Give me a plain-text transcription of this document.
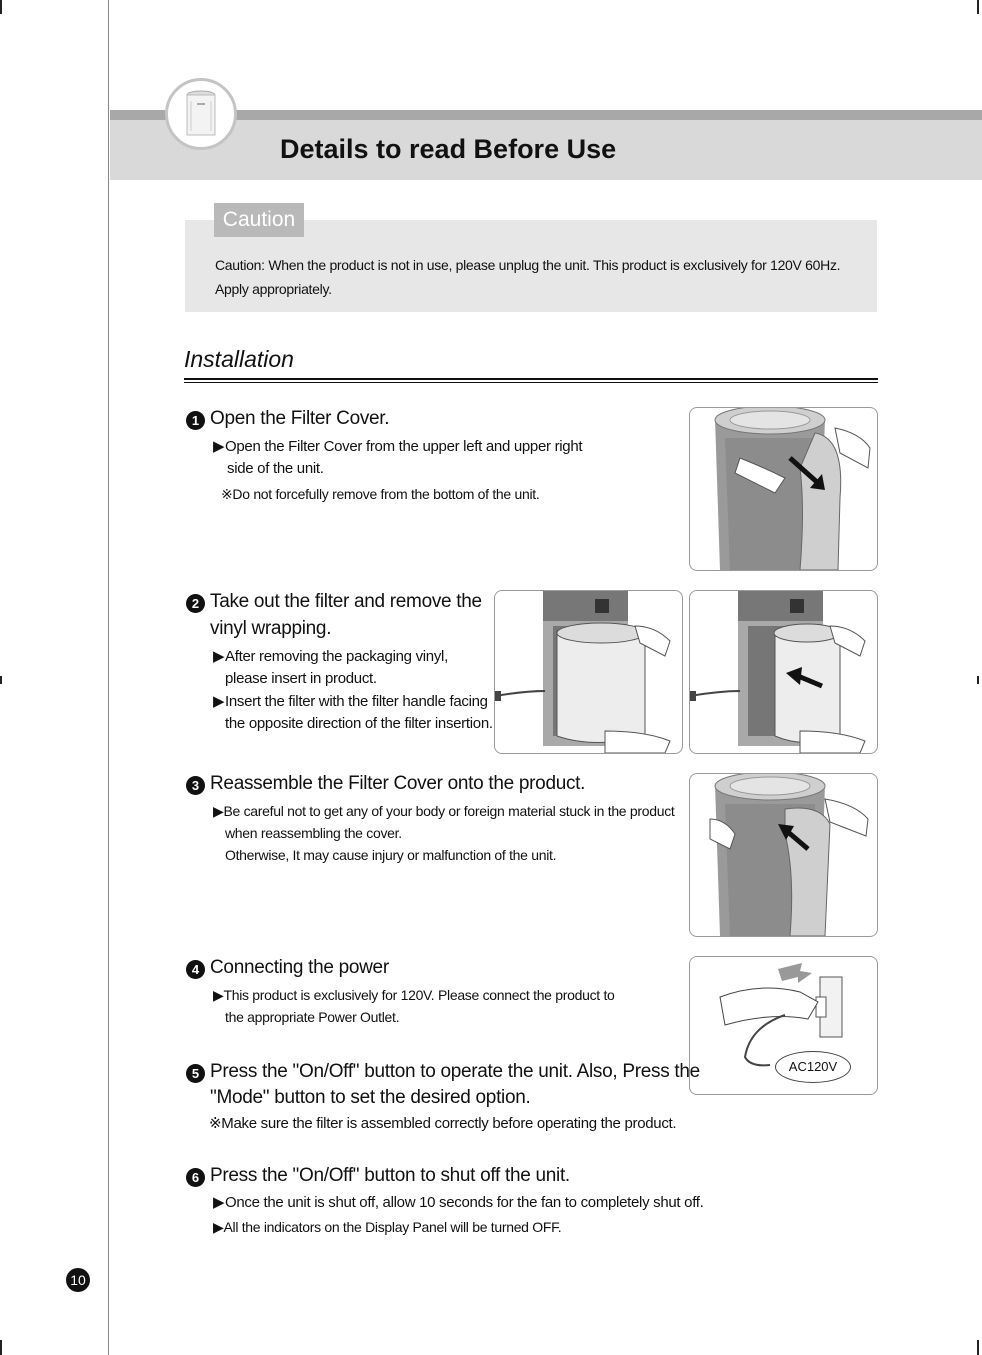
Details to read Before Use
Caution
Caution: When the product is not in use, please unplug the unit. This product is exclusively for 120V 60Hz.
Apply appropriately.
Installation
1 Open the Filter Cover.
▶Open the Filter Cover from the upper left and upper right
side of the unit.
※Do not forcefully remove from the bottom of the unit.
2 Take out the filter and remove the
vinyl wrapping.
▶After removing the packaging vinyl,
please insert in product.
▶Insert the filter with the filter handle facing
the opposite direction of the filter insertion.
3 Reassemble the Filter Cover onto the product.
▶Be careful not to get any of your body or foreign material stuck in the product
when reassembling the cover.
Otherwise, It may cause injury or malfunction of the unit.
4 Connecting the power
▶This product is exclusively for 120V. Please connect the product to
the appropriate Power Outlet.
AC120V
5 Press the "On/Off" button to operate the unit. Also, Press the
"Mode" button to set the desired option.
※Make sure the filter is assembled correctly before operating the product.
6 Press the "On/Off" button to shut off the unit.
▶Once the unit is shut off, allow 10 seconds for the fan to completely shut off.
▶All the indicators on the Display Panel will be turned OFF.
10
